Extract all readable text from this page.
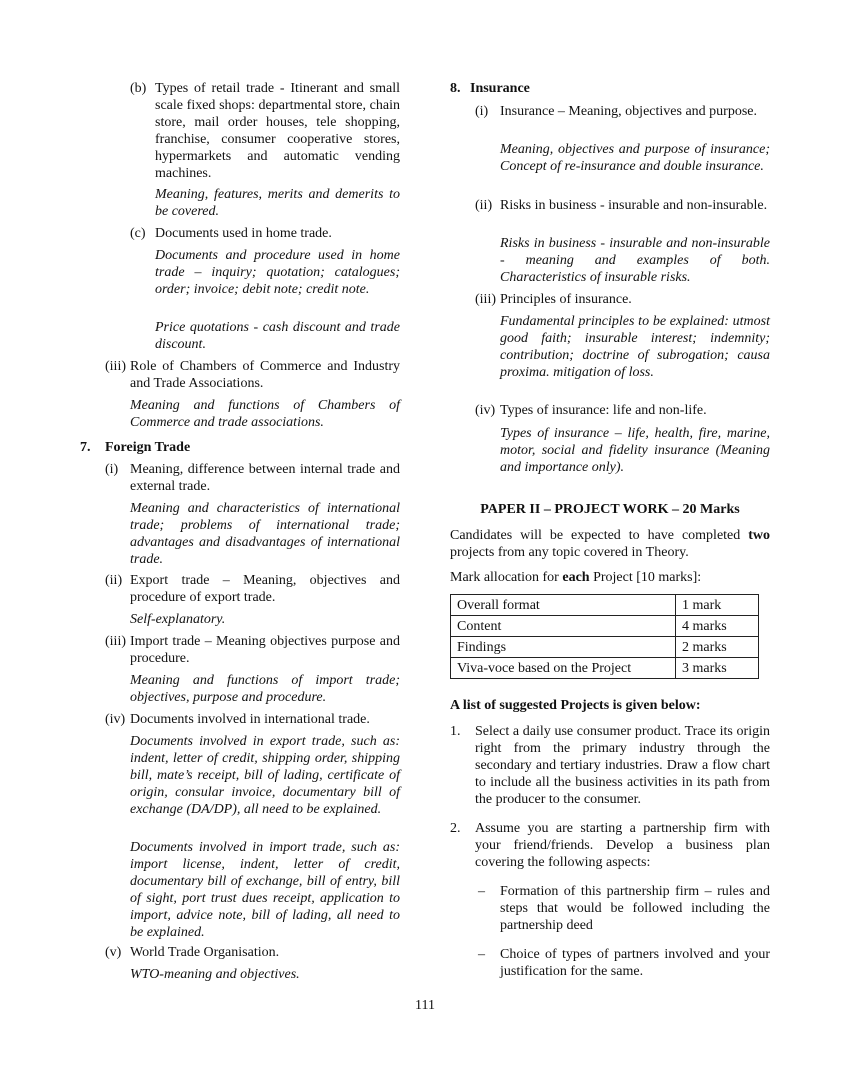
(b) Types of retail trade - Itinerant and small scale fixed shops: departmental store, chain store, mail order houses, tele shopping, franchise, consumer cooperative stores, hypermarkets and automatic vending machines.
Meaning, features, merits and demerits to be covered.
(c) Documents used in home trade.
Documents and procedure used in home trade – inquiry; quotation; catalogues; order; invoice; debit note; credit note.
Price quotations - cash discount and trade discount.
(iii) Role of Chambers of Commerce and Industry and Trade Associations.
Meaning and functions of Chambers of Commerce and trade associations.
7. Foreign Trade
(i) Meaning, difference between internal trade and external trade.
Meaning and characteristics of international trade; problems of international trade; advantages and disadvantages of international trade.
(ii) Export trade – Meaning, objectives and procedure of export trade.
Self-explanatory.
(iii) Import trade – Meaning objectives purpose and procedure.
Meaning and functions of import trade; objectives, purpose and procedure.
(iv) Documents involved in international trade.
Documents involved in export trade, such as: indent, letter of credit, shipping order, shipping bill, mate’s receipt, bill of lading, certificate of origin, consular invoice, documentary bill of exchange (DA/DP), all need to be explained.
Documents involved in import trade, such as: import license, indent, letter of credit, documentary bill of exchange, bill of entry, bill of sight, port trust dues receipt, application to import, advice note, bill of lading, all need to be explained.
(v) World Trade Organisation.
WTO-meaning and objectives.
8. Insurance
(i) Insurance – Meaning, objectives and purpose.
Meaning, objectives and purpose of insurance; Concept of re-insurance and double insurance.
(ii) Risks in business - insurable and non-insurable.
Risks in business - insurable and non-insurable - meaning and examples of both. Characteristics of insurable risks.
(iii) Principles of insurance.
Fundamental principles to be explained: utmost good faith; insurable interest; indemnity; contribution; doctrine of subrogation; causa proxima. mitigation of loss.
(iv) Types of insurance: life and non-life.
Types of insurance – life, health, fire, marine, motor, social and fidelity insurance (Meaning and importance only).
PAPER II – PROJECT WORK – 20 Marks
Candidates will be expected to have completed two projects from any topic covered in Theory.
Mark allocation for each Project [10 marks]:
Overall format	1 mark
Content	4 marks
Findings	2 marks
Viva-voce based on the Project	3 marks
A list of suggested Projects is given below:
1. Select a daily use consumer product. Trace its origin right from the primary industry through the secondary and tertiary industries. Draw a flow chart to include all the business activities in its path from the producer to the consumer.
2. Assume you are starting a partnership firm with your friend/friends. Develop a business plan covering the following aspects:
– Formation of this partnership firm – rules and steps that would be followed including the partnership deed
– Choice of types of partners involved and your justification for the same.
111
